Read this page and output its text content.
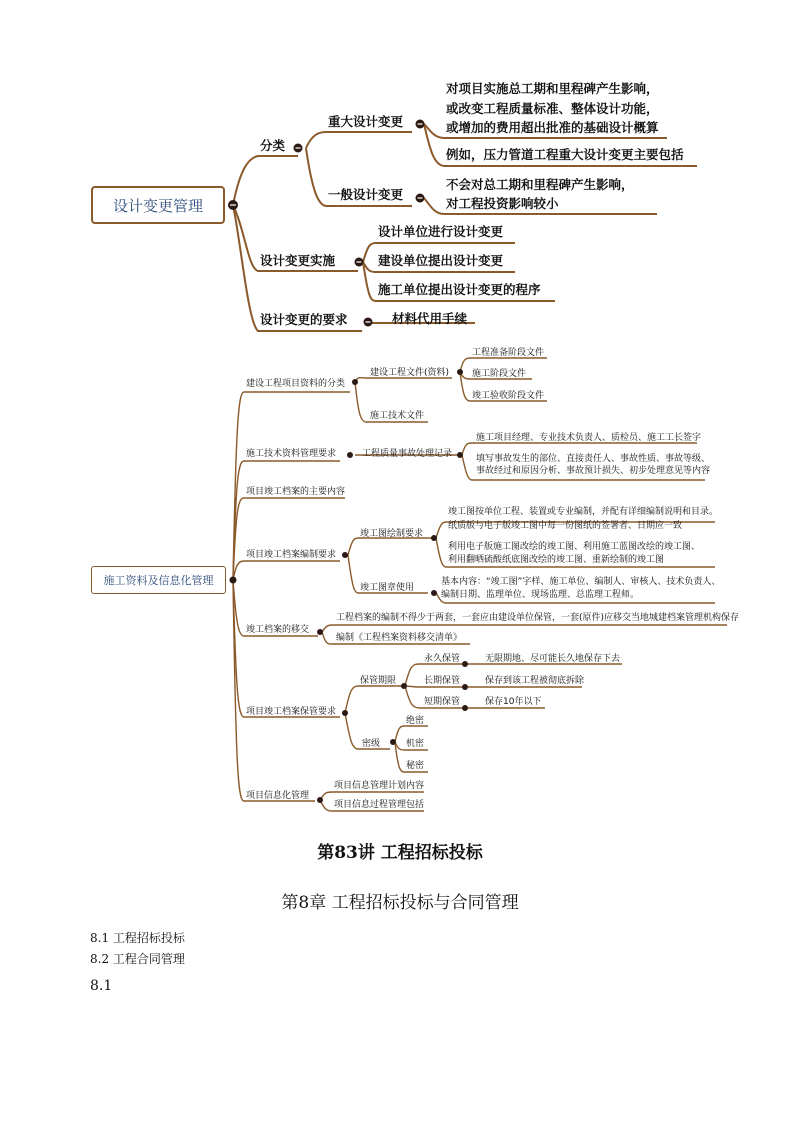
设计变更管理
分类
重大设计变更
对项目实施总工期和里程碑产生影响，
或改变工程质量标准、整体设计功能，
或增加的费用超出批准的基础设计概算
例如，压力管道工程重大设计变更主要包括
一般设计变更
不会对总工期和里程碑产生影响，
对工程投资影响较小
设计变更实施
设计单位进行设计变更
建设单位提出设计变更
施工单位提出设计变更的程序
设计变更的要求	材料代用手续
施工资料及信息化管理
建设工程项目资料的分类
建设工程文件(资料)
工程准备阶段文件
施工阶段文件
竣工验收阶段文件
施工技术文件
施工技术资料管理要求	工程质量事故处理记录
施工项目经理、专业技术负责人、质检员、施工工长签字
填写事故发生的部位、直接责任人、事故性质、事故等级、
事故经过和原因分析、事故预计损失、初步处理意见等内容
项目竣工档案的主要内容
项目竣工档案编制要求
竣工图绘制要求
竣工图按单位工程、装置或专业编制，并配有详细编制说明和目录。
纸质版与电子版竣工图中每一份图纸的签署者、日期应一致
利用电子版施工图改绘的竣工图、利用施工蓝图改绘的竣工图、
利用翻晒硫酸纸底图改绘的竣工图、重新绘制的竣工图
竣工图章使用
基本内容：“竣工图”字样、施工单位、编制人、审核人、技术负责人、
编制日期、监理单位、现场监理、总监理工程师。
竣工档案的移交
工程档案的编制不得少于两套，一套应由建设单位保管，一套(原件)应移交当地城建档案管理机构保存
编制《工程档案资料移交清单》
项目竣工档案保管要求
保管期限
永久保管	无限期地、尽可能长久地保存下去
长期保管	保存到该工程被彻底拆除
短期保管	保存10年以下
密级
绝密
机密
秘密
项目信息化管理
项目信息管理计划内容
项目信息过程管理包括
第83讲 工程招标投标
第8章 工程招标投标与合同管理
8.1 工程招标投标
8.2 工程合同管理
8.1
